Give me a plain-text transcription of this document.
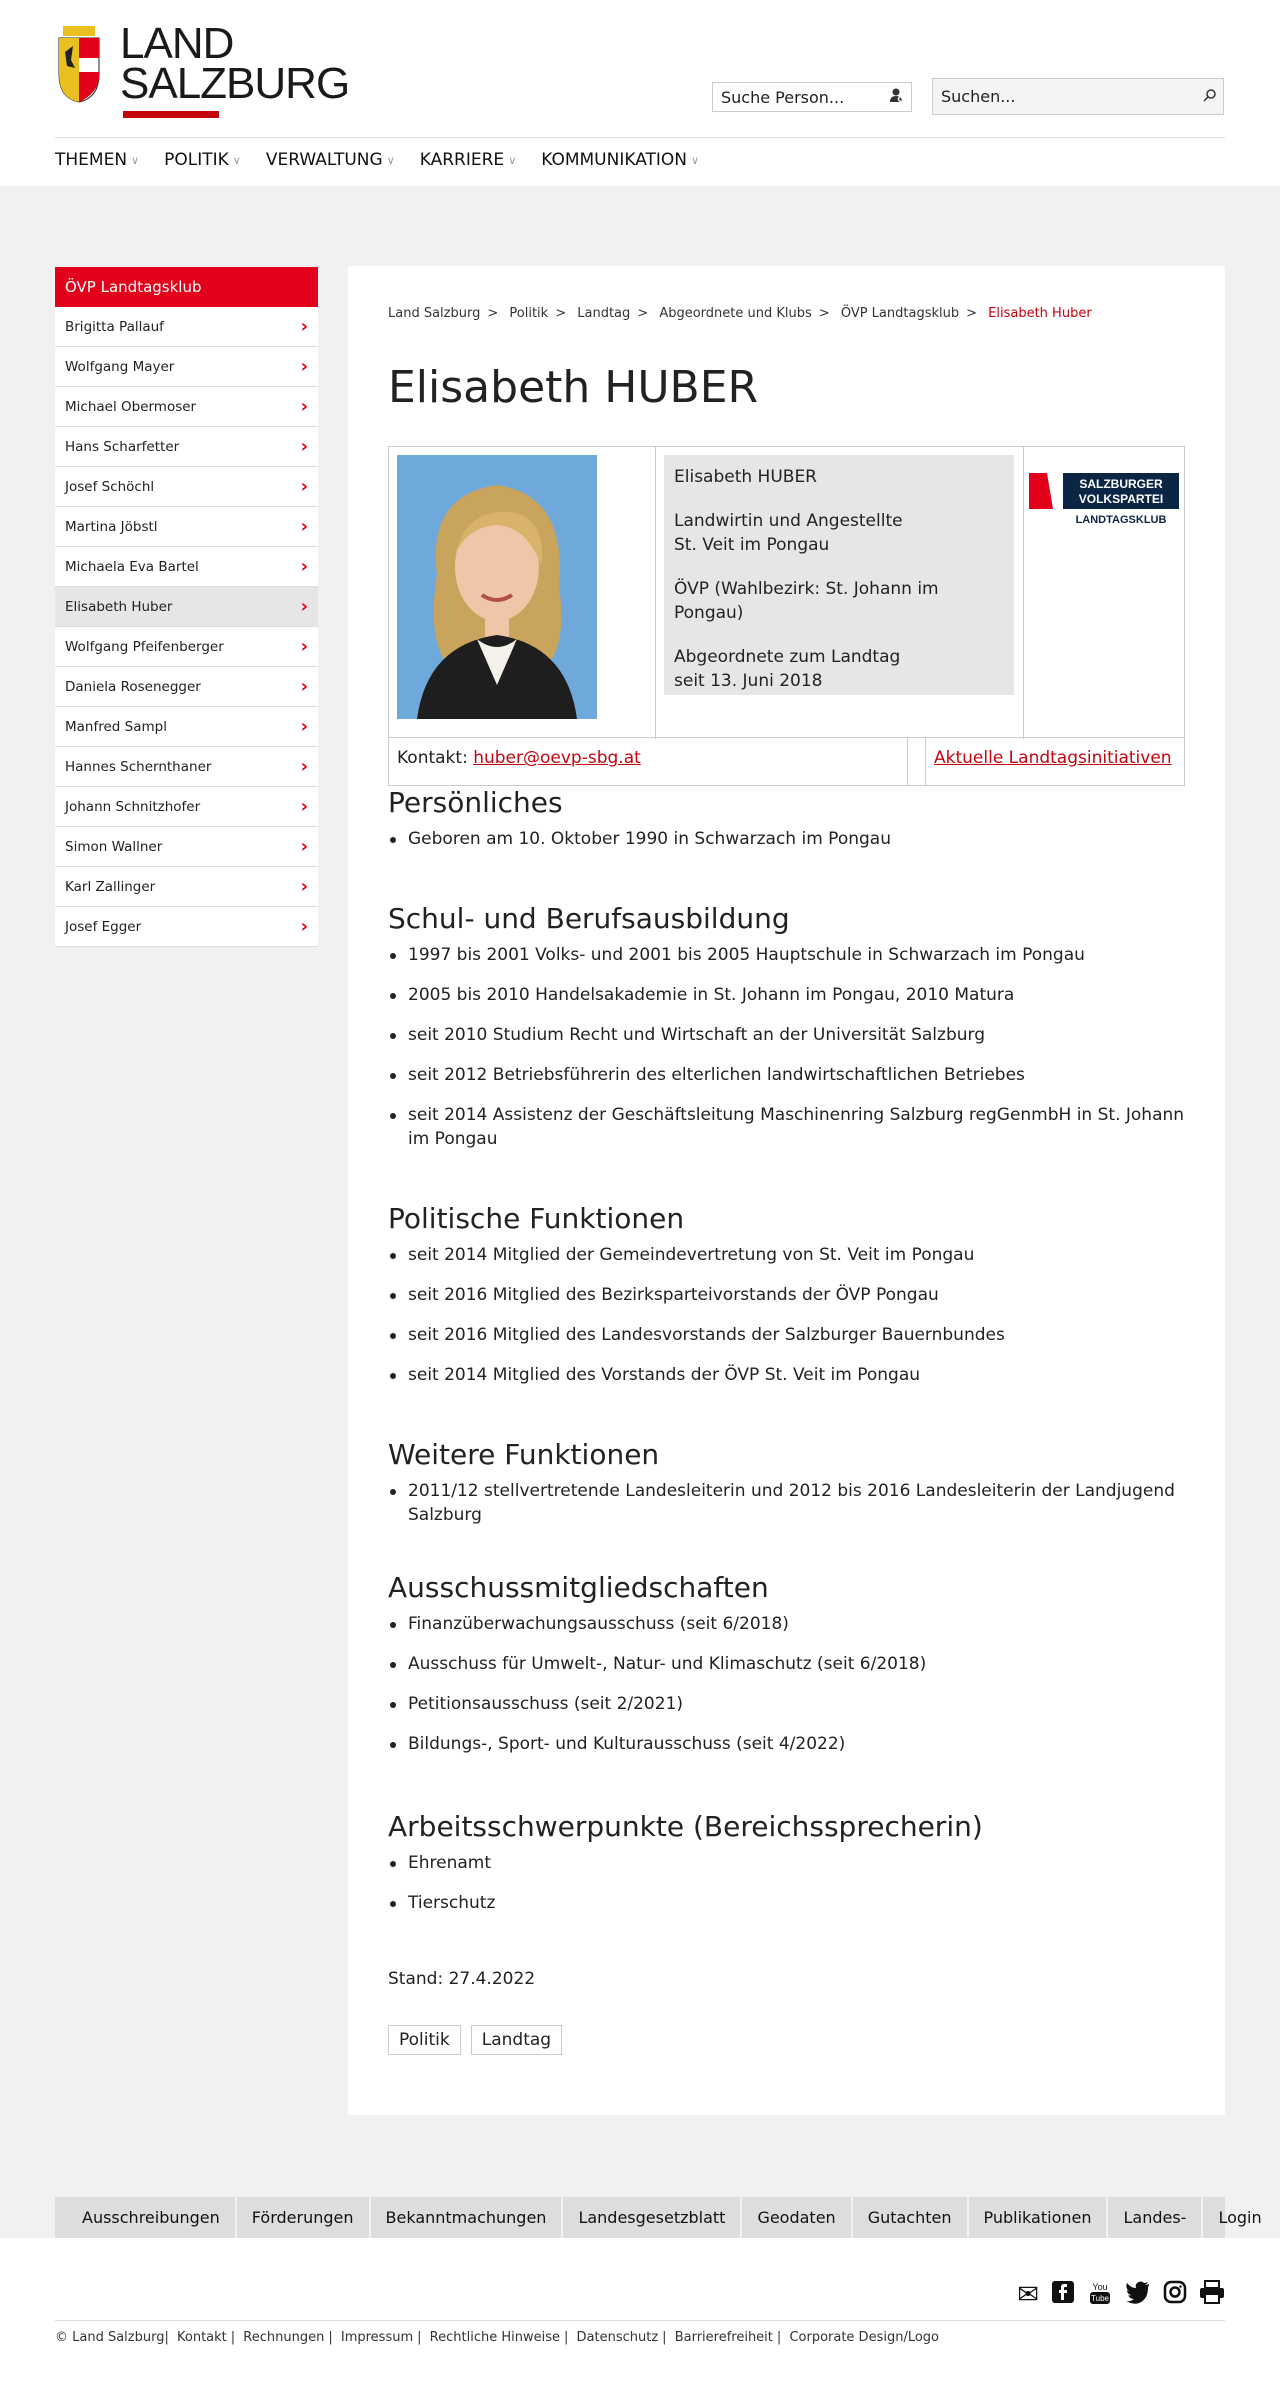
LAND
SALZBURG
Suche Person...
Suchen...
THEMEN ∨ POLITIK ∨ VERWALTUNG ∨ KARRIERE ∨ KOMMUNIKATION ∨
ÖVP Landtagsklub
Brigitta Pallauf	›
Wolfgang Mayer	›
Michael Obermoser	›
Hans Scharfetter	›
Josef Schöchl	›
Martina Jöbstl	›
Michaela Eva Bartel	›
Elisabeth Huber	›
Wolfgang Pfeifenberger	›
Daniela Rosenegger	›
Manfred Sampl	›
Hannes Schernthaner	›
Johann Schnitzhofer	›
Simon Wallner	›
Karl Zallinger	›
Josef Egger	›
Land Salzburg > Politik > Landtag > Abgeordnete und Klubs > ÖVP Landtagsklub > Elisabeth Huber
Elisabeth HUBER

Elisabeth HUBER

Landwirtin und Angestellte
St. Veit im Pongau

ÖVP (Wahlbezirk: St. Johann im Pongau)

Abgeordnete zum Landtag
seit 13. Juni 2018

SALZBURGER
VOLKSPARTEI
LANDTAGSKLUB
Kontakt: huber@oevp-sbg.at	Aktuelle Landtagsinitiativen
Persönliches
Geboren am 10. Oktober 1990 in Schwarzach im Pongau
Schul- und Berufsausbildung
1997 bis 2001 Volks- und 2001 bis 2005 Hauptschule in Schwarzach im Pongau
2005 bis 2010 Handelsakademie in St. Johann im Pongau, 2010 Matura
seit 2010 Studium Recht und Wirtschaft an der Universität Salzburg
seit 2012 Betriebsführerin des elterlichen landwirtschaftlichen Betriebes
seit 2014 Assistenz der Geschäftsleitung Maschinenring Salzburg regGenmbH in St. Johann im Pongau
Politische Funktionen
seit 2014 Mitglied der Gemeindevertretung von St. Veit im Pongau
seit 2016 Mitglied des Bezirksparteivorstands der ÖVP Pongau
seit 2016 Mitglied des Landesvorstands der Salzburger Bauernbundes
seit 2014 Mitglied des Vorstands der ÖVP St. Veit im Pongau
Weitere Funktionen
2011/12 stellvertretende Landesleiterin und 2012 bis 2016 Landesleiterin der Landjugend Salzburg
Ausschussmitgliedschaften
Finanzüberwachungsausschuss (seit 6/2018)
Ausschuss für Umwelt-, Natur- und Klimaschutz (seit 6/2018)
Petitionsausschuss (seit 2/2021)
Bildungs-, Sport- und Kulturausschuss (seit 4/2022)
Arbeitsschwerpunkte (Bereichssprecherin)
Ehrenamt
Tierschutz
Stand: 27.4.2022
Politik	Landtag
Ausschreibungen	Förderungen	Bekanntmachungen	Landesgesetzblatt	Geodaten	Gutachten	Publikationen	Landes-	Login
✉	You
Tube
© Land Salzburg| Kontakt | Rechnungen | Impressum | Rechtliche Hinweise | Datenschutz | Barrierefreiheit | Corporate Design/Logo
